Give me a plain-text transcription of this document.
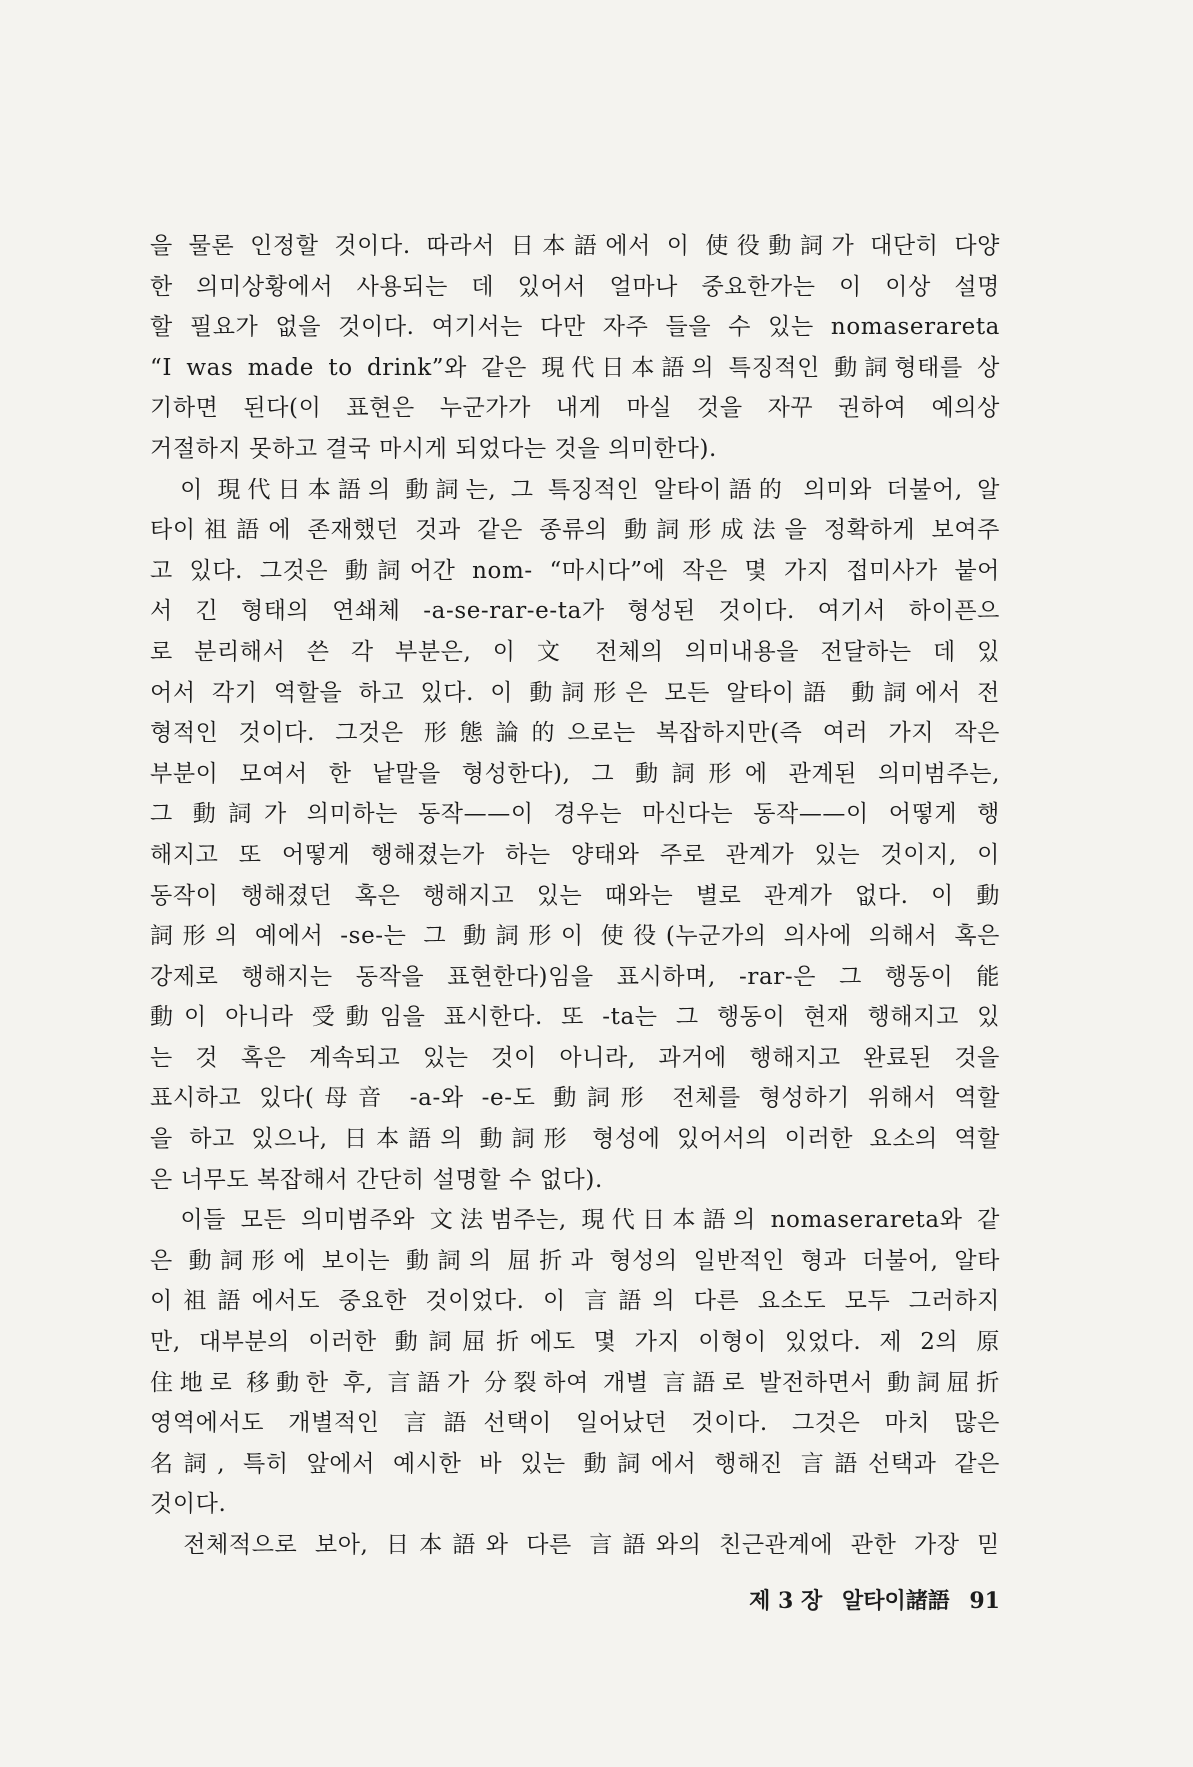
을 물론 인정할 것이다. 따라서 日本語에서 이 使役動詞가 대단히 다양
한 의미상황에서 사용되는 데 있어서 얼마나 중요한가는 이 이상 설명
할 필요가 없을 것이다. 여기서는 다만 자주 들을 수 있는 nomaserareta
“I was made to drink”와 같은 現代日本語의 특징적인 動詞형태를 상
기하면 된다(이 표현은 누군가가 내게 마실 것을 자꾸 권하여 예의상
거절하지 못하고 결국 마시게 되었다는 것을 의미한다).
　이 現代日本語의 動詞는, 그 특징적인 알타이語的 의미와 더불어, 알
타이祖語에 존재했던 것과 같은 종류의 動詞形成法을 정확하게 보여주
고 있다. 그것은 動詞어간 nom- “마시다”에 작은 몇 가지 접미사가 붙어
서 긴 형태의 연쇄체 -a-se-rar-e-ta가 형성된 것이다. 여기서 하이픈으
로 분리해서 쓴 각 부분은, 이 文 전체의 의미내용을 전달하는 데 있
어서 각기 역할을 하고 있다. 이 動詞形은 모든 알타이語 動詞에서 전
형적인 것이다. 그것은 形態論的으로는 복잡하지만(즉 여러 가지 작은
부분이 모여서 한 낱말을 형성한다), 그 動詞形에 관계된 의미범주는,
그 動詞가 의미하는 동작——이 경우는 마신다는 동작——이 어떻게 행
해지고 또 어떻게 행해졌는가 하는 양태와 주로 관계가 있는 것이지, 이
동작이 행해졌던 혹은 행해지고 있는 때와는 별로 관계가 없다. 이 動
詞形의 예에서 -se-는 그 動詞形이 使役(누군가의 의사에 의해서 혹은
강제로 행해지는 동작을 표현한다)임을 표시하며, -rar-은 그 행동이 能
動이 아니라 受動임을 표시한다. 또 -ta는 그 행동이 현재 행해지고 있
는 것 혹은 계속되고 있는 것이 아니라, 과거에 행해지고 완료된 것을
표시하고 있다(母音 -a-와 -e-도 動詞形 전체를 형성하기 위해서 역할
을 하고 있으나, 日本語의 動詞形 형성에 있어서의 이러한 요소의 역할
은 너무도 복잡해서 간단히 설명할 수 없다).
　이들 모든 의미범주와 文法범주는, 現代日本語의 nomaserareta와 같
은 動詞形에 보이는 動詞의 屈折과 형성의 일반적인 형과 더불어, 알타
이祖語에서도 중요한 것이었다. 이 言語의 다른 요소도 모두 그러하지
만, 대부분의 이러한 動詞屈折에도 몇 가지 이형이 있었다. 제 2의 原
住地로 移動한 후, 言語가 分裂하여 개별 言語로 발전하면서 動詞屈折
영역에서도 개별적인 言語선택이 일어났던 것이다. 그것은 마치 많은
名詞, 특히 앞에서 예시한 바 있는 動詞에서 행해진 言語선택과 같은
것이다.
　전체적으로 보아, 日本語와 다른 言語와의 친근관계에 관한 가장 믿
제 3 장 알타이諸語 91
